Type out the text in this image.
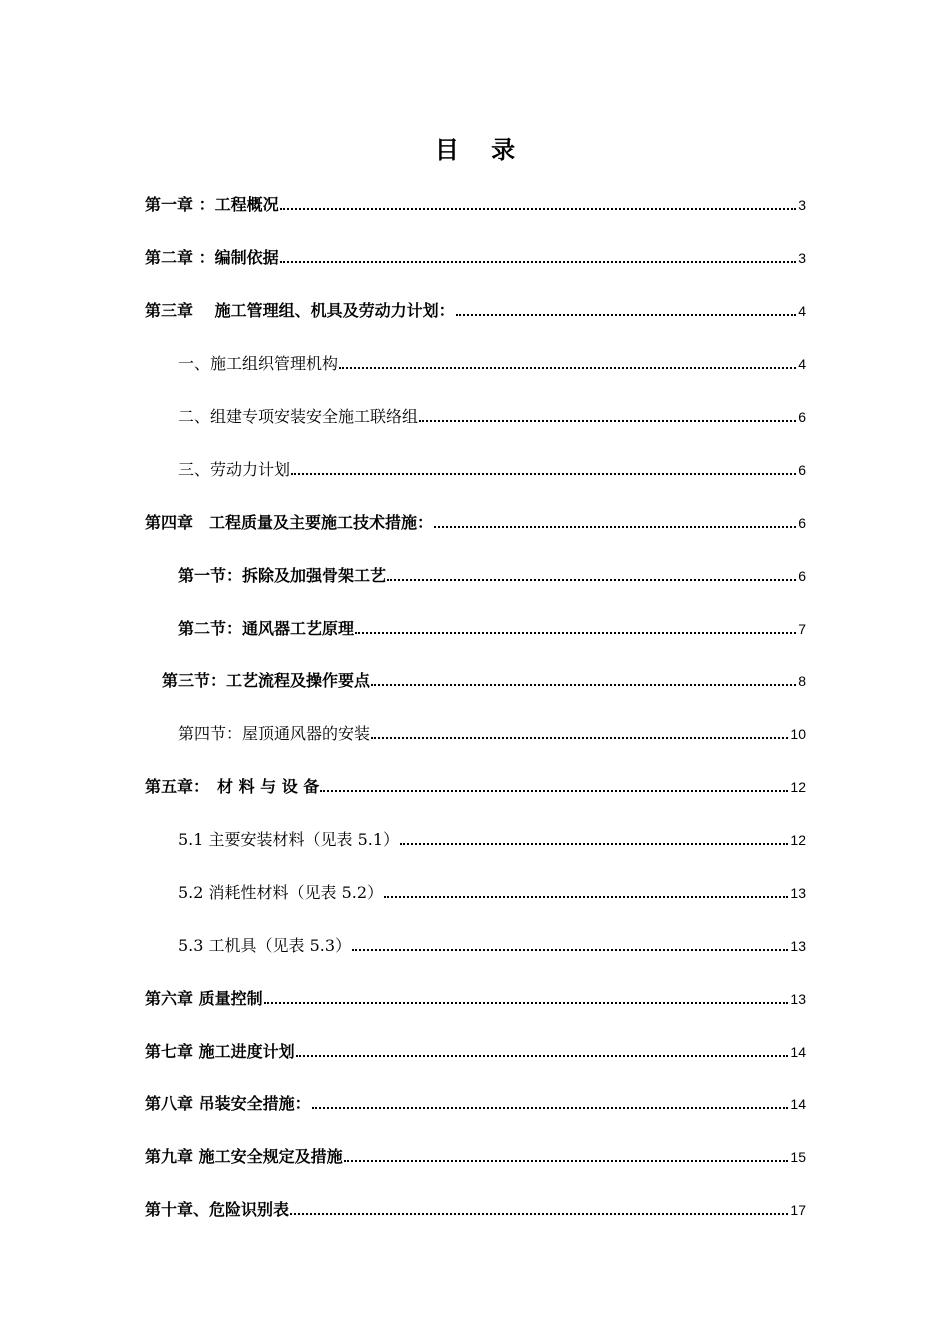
目 录
第一章 ：工程概况	3
第二章 ：编制依据	3
第三章　 施工管理组、机具及劳动力计划：	4
一、施工组织管理机构	4
二、组建专项安装安全施工联络组	6
三、劳动力计划	6
第四章　工程质量及主要施工技术措施：	6
第一节：拆除及加强骨架工艺	6
第二节：通风器工艺原理	7
第三节：工艺流程及操作要点	8
第四节：屋顶通风器的安装	10
第五章：　材 料 与 设 备	12
5.1 主要安装材料（见表 5.1）	12
5.2 消耗性材料（见表 5.2）	13
5.3 工机具（见表 5.3）	13
第六章 质量控制	13
第七章 施工进度计划	14
第八章 吊装安全措施：	14
第九章 施工安全规定及措施	15
第十章、危险识别表	17
